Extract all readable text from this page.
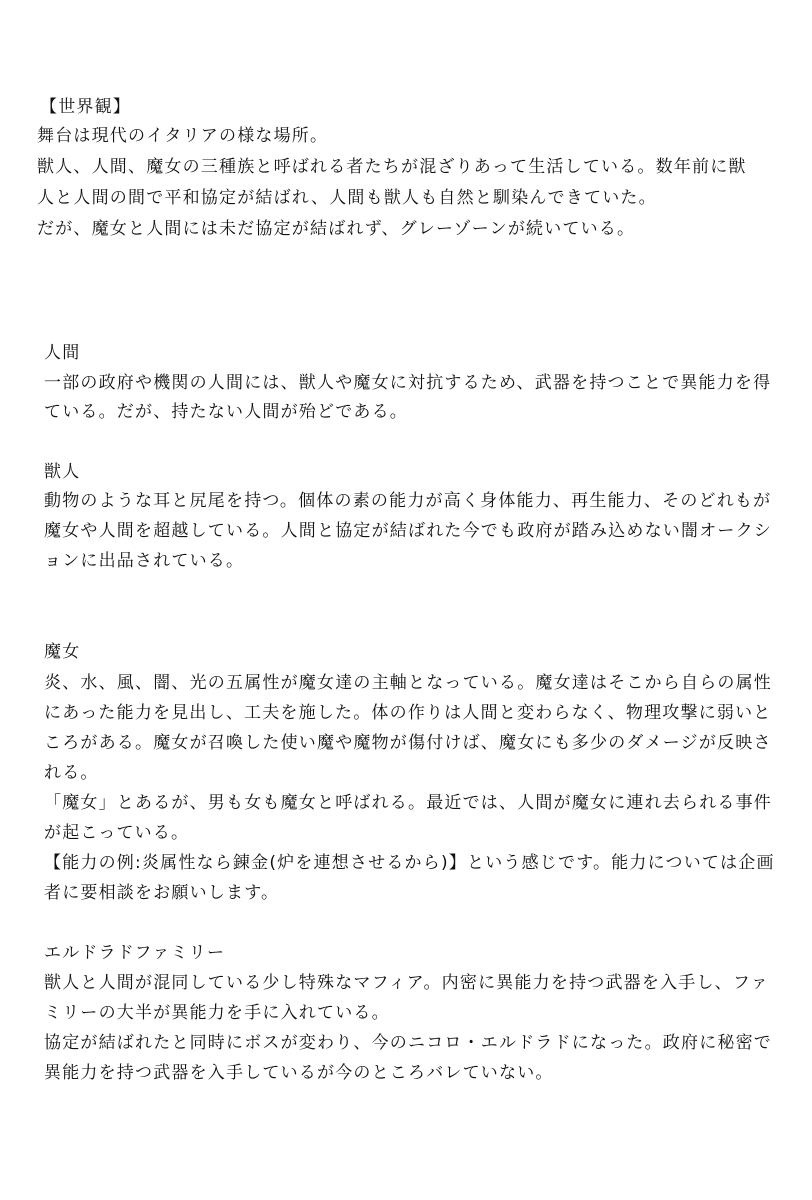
【世界観】
舞台は現代のイタリアの様な場所。
獣人、人間、魔女の三種族と呼ばれる者たちが混ざりあって生活している。数年前に獣
人と人間の間で平和協定が結ばれ、人間も獣人も自然と馴染んできていた。
だが、魔女と人間には未だ協定が結ばれず、グレーゾーンが続いている。
人間
一部の政府や機関の人間には、獣人や魔女に対抗するため、武器を持つことで異能力を得
ている。だが、持たない人間が殆どである。
獣人
動物のような耳と尻尾を持つ。個体の素の能力が高く身体能力、再生能力、そのどれもが
魔女や人間を超越している。人間と協定が結ばれた今でも政府が踏み込めない闇オークシ
ョンに出品されている。
魔女
炎、水、風、闇、光の五属性が魔女達の主軸となっている。魔女達はそこから自らの属性
にあった能力を見出し、工夫を施した。体の作りは人間と変わらなく、物理攻撃に弱いと
ころがある。魔女が召喚した使い魔や魔物が傷付けば、魔女にも多少のダメージが反映さ
れる。
「魔女」とあるが、男も女も魔女と呼ばれる。最近では、人間が魔女に連れ去られる事件
が起こっている。
【能力の例:炎属性なら錬金(炉を連想させるから)】という感じです。能力については企画
者に要相談をお願いします。
エルドラドファミリー
獣人と人間が混同している少し特殊なマフィア。内密に異能力を持つ武器を入手し、ファ
ミリーの大半が異能力を手に入れている。
協定が結ばれたと同時にボスが変わり、今のニコロ・エルドラドになった。政府に秘密で
異能力を持つ武器を入手しているが今のところバレていない。
